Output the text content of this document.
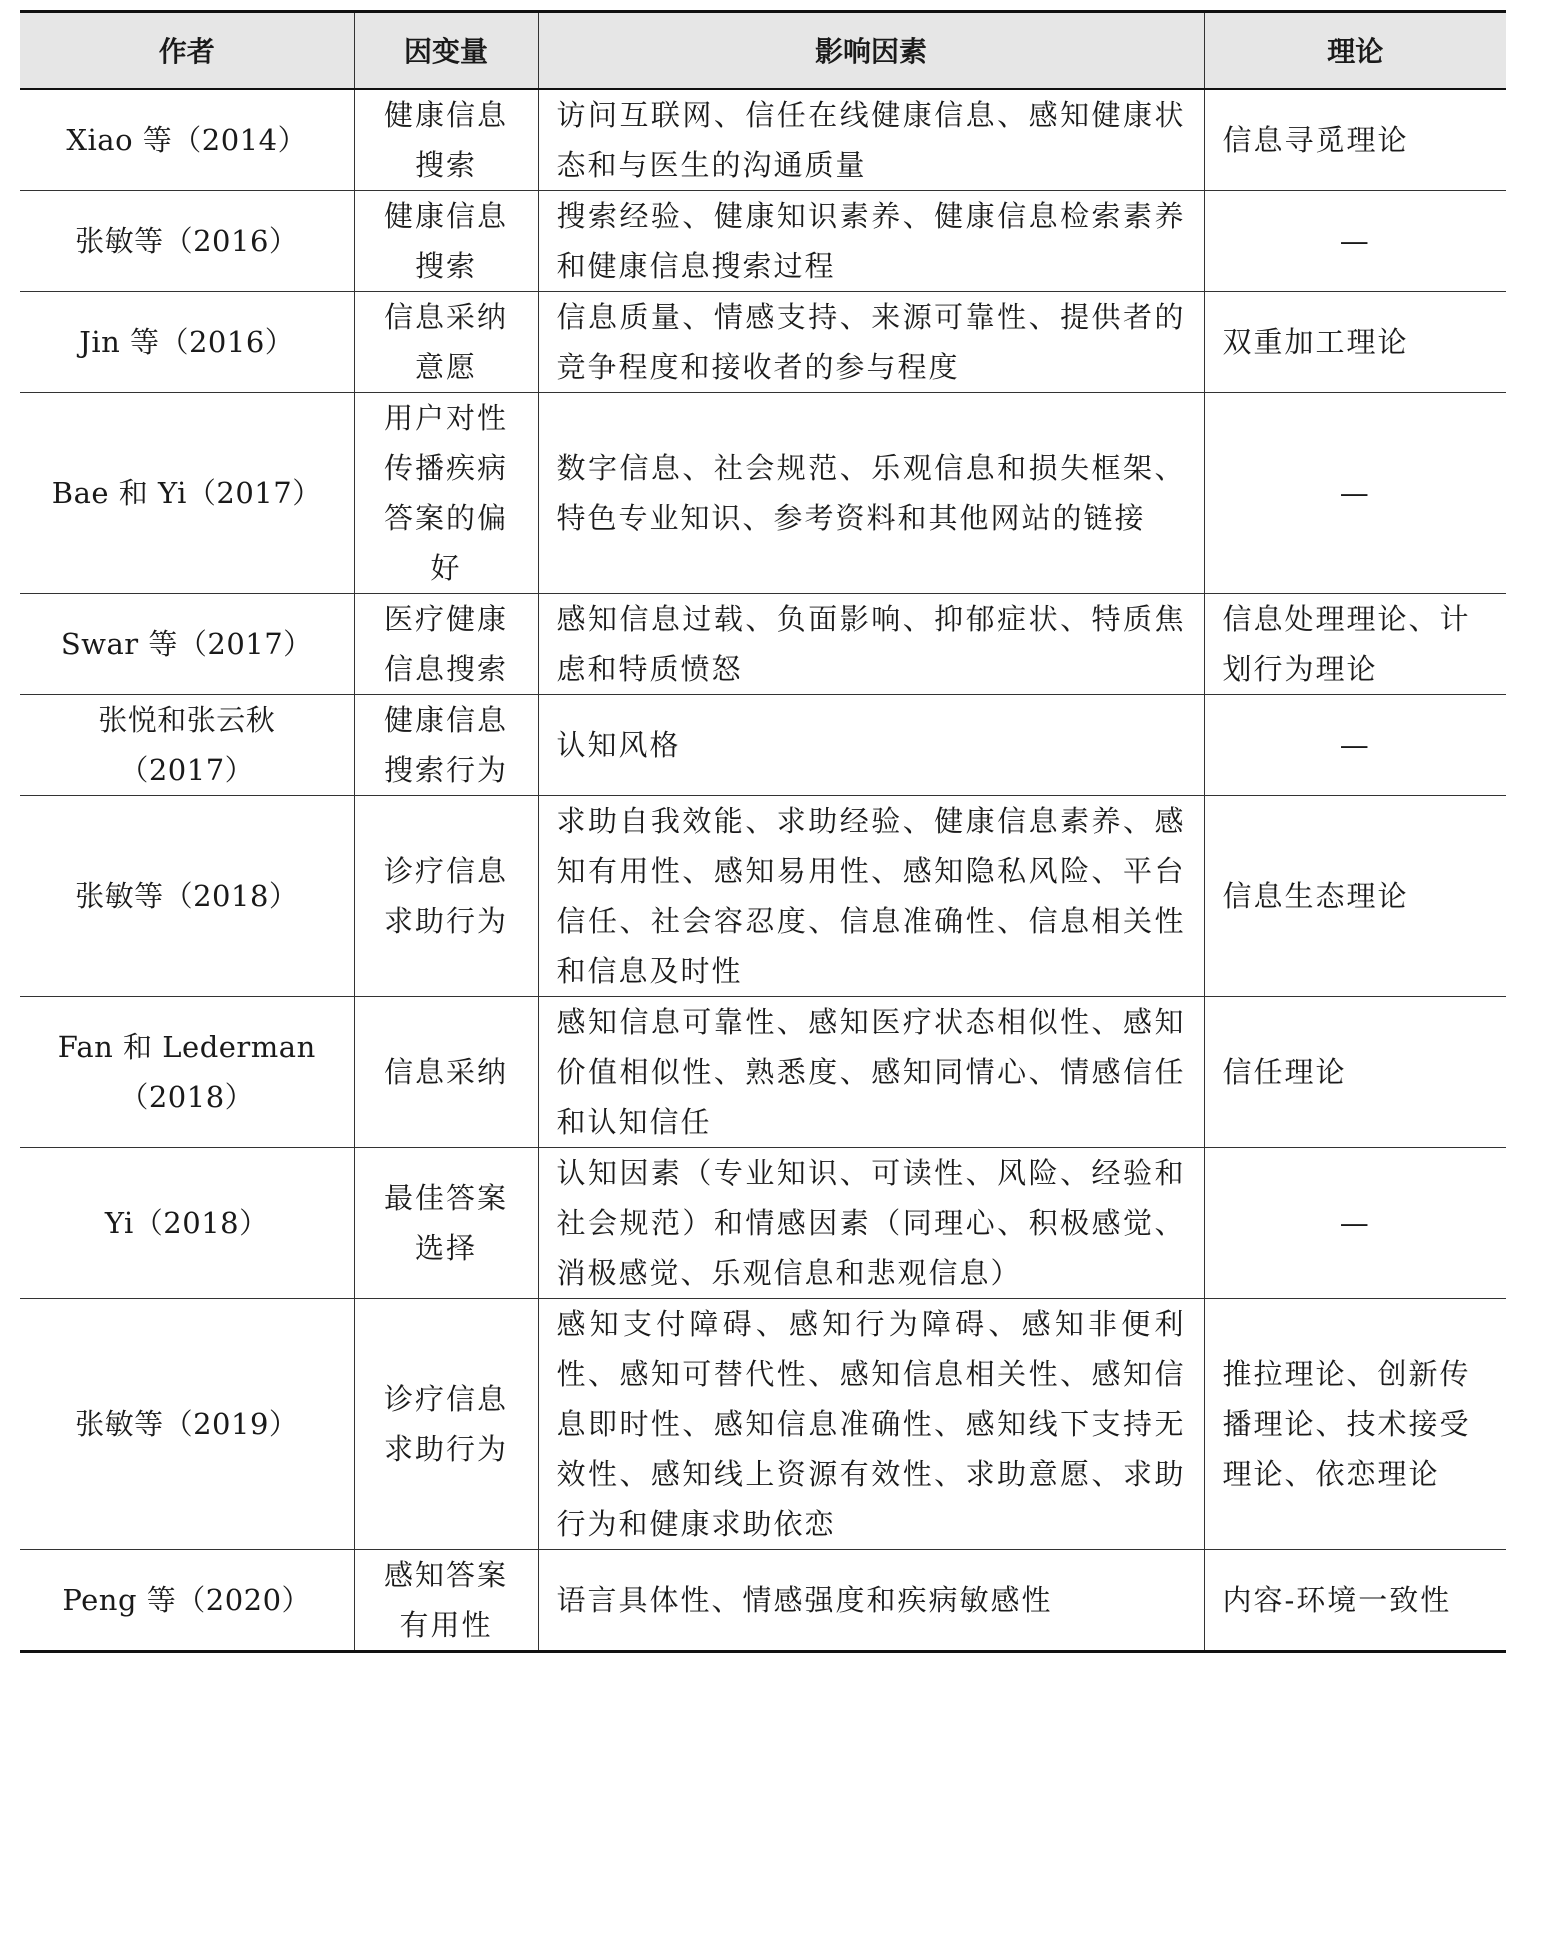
作者	因变量	影响因素	理论
Xiao 等（2014）	健康信息搜索	访问互联网、信任在线健康信息、感知健康状态和与医生的沟通质量	信息寻觅理论
张敏等（2016）	健康信息搜索	搜索经验、健康知识素养、健康信息检索素养和健康信息搜索过程	—
Jin 等（2016）	信息采纳意愿	信息质量、情感支持、来源可靠性、提供者的竞争程度和接收者的参与程度	双重加工理论
Bae 和 Yi（2017）	用户对性传播疾病答案的偏好	数字信息、社会规范、乐观信息和损失框架、特色专业知识、参考资料和其他网站的链接	—
Swar 等（2017）	医疗健康信息搜索	感知信息过载、负面影响、抑郁症状、特质焦虑和特质愤怒	信息处理理论、计划行为理论
张悦和张云秋（2017）	健康信息搜索行为	认知风格	—
张敏等（2018）	诊疗信息求助行为	求助自我效能、求助经验、健康信息素养、感知有用性、感知易用性、感知隐私风险、平台信任、社会容忍度、信息准确性、信息相关性和信息及时性	信息生态理论
Fan 和 Lederman（2018）	信息采纳	感知信息可靠性、感知医疗状态相似性、感知价值相似性、熟悉度、感知同情心、情感信任和认知信任	信任理论
Yi（2018）	最佳答案选择	认知因素（专业知识、可读性、风险、经验和社会规范）和情感因素（同理心、积极感觉、消极感觉、乐观信息和悲观信息）	—
张敏等（2019）	诊疗信息求助行为	感知支付障碍、感知行为障碍、感知非便利性、感知可替代性、感知信息相关性、感知信息即时性、感知信息准确性、感知线下支持无效性、感知线上资源有效性、求助意愿、求助行为和健康求助依恋	推拉理论、创新传播理论、技术接受理论、依恋理论
Peng 等（2020）	感知答案有用性	语言具体性、情感强度和疾病敏感性	内容-环境一致性
